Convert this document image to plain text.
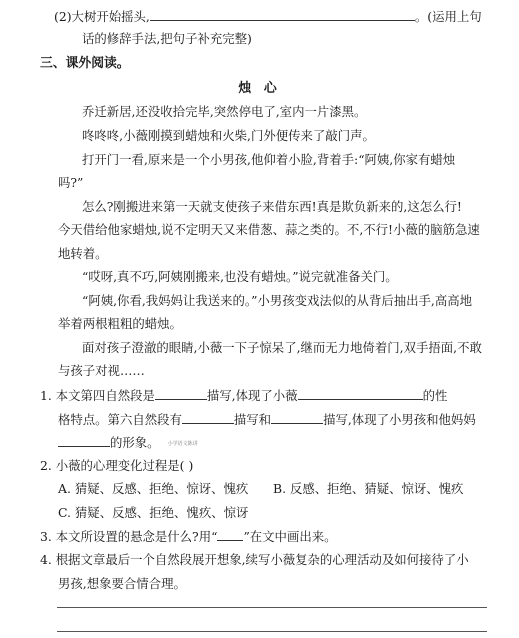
(2)大树开始摇头,	。(运用上句
话的修辞手法,把句子补充完整)
三、课外阅读。
烛 心
乔迁新居,还没收拾完毕,突然停电了,室内一片漆黑。
咚咚咚,小薇刚摸到蜡烛和火柴,门外便传来了敲门声。
打开门一看,原来是一个小男孩,他仰着小脸,背着手:“阿姨,你家有蜡烛
吗?”
怎么?刚搬进来第一天就支使孩子来借东西!真是欺负新来的,这怎么行!
今天借给他家蜡烛,说不定明天又来借葱、蒜之类的。不,不行!小薇的脑筋急速
地转着。
“哎呀,真不巧,阿姨刚搬来,也没有蜡烛。”说完就准备关门。
“阿姨,你看,我妈妈让我送来的。”小男孩变戏法似的从背后抽出手,高高地
举着两根粗粗的蜡烛。
面对孩子澄澈的眼睛,小薇一下子惊呆了,继而无力地倚着门,双手捂面,不敢
与孩子对视……
1. 本文第四自然段是	描写,体现了小薇	的性
格特点。第六自然段有	描写和	描写,体现了小男孩和他妈妈
的形象。 小学语文陈讲
2. 小薇的心理变化过程是( )
A. 猜疑、反感、拒绝、惊讶、愧疚	B. 反感、拒绝、猜疑、惊讶、愧疚
C. 猜疑、反感、拒绝、愧疚、惊讶
3. 本文所设置的悬念是什么?用“ ”在文中画出来。
4. 根据文章最后一个自然段展开想象,续写小薇复杂的心理活动及如何接待了小
男孩,想象要合情合理。
